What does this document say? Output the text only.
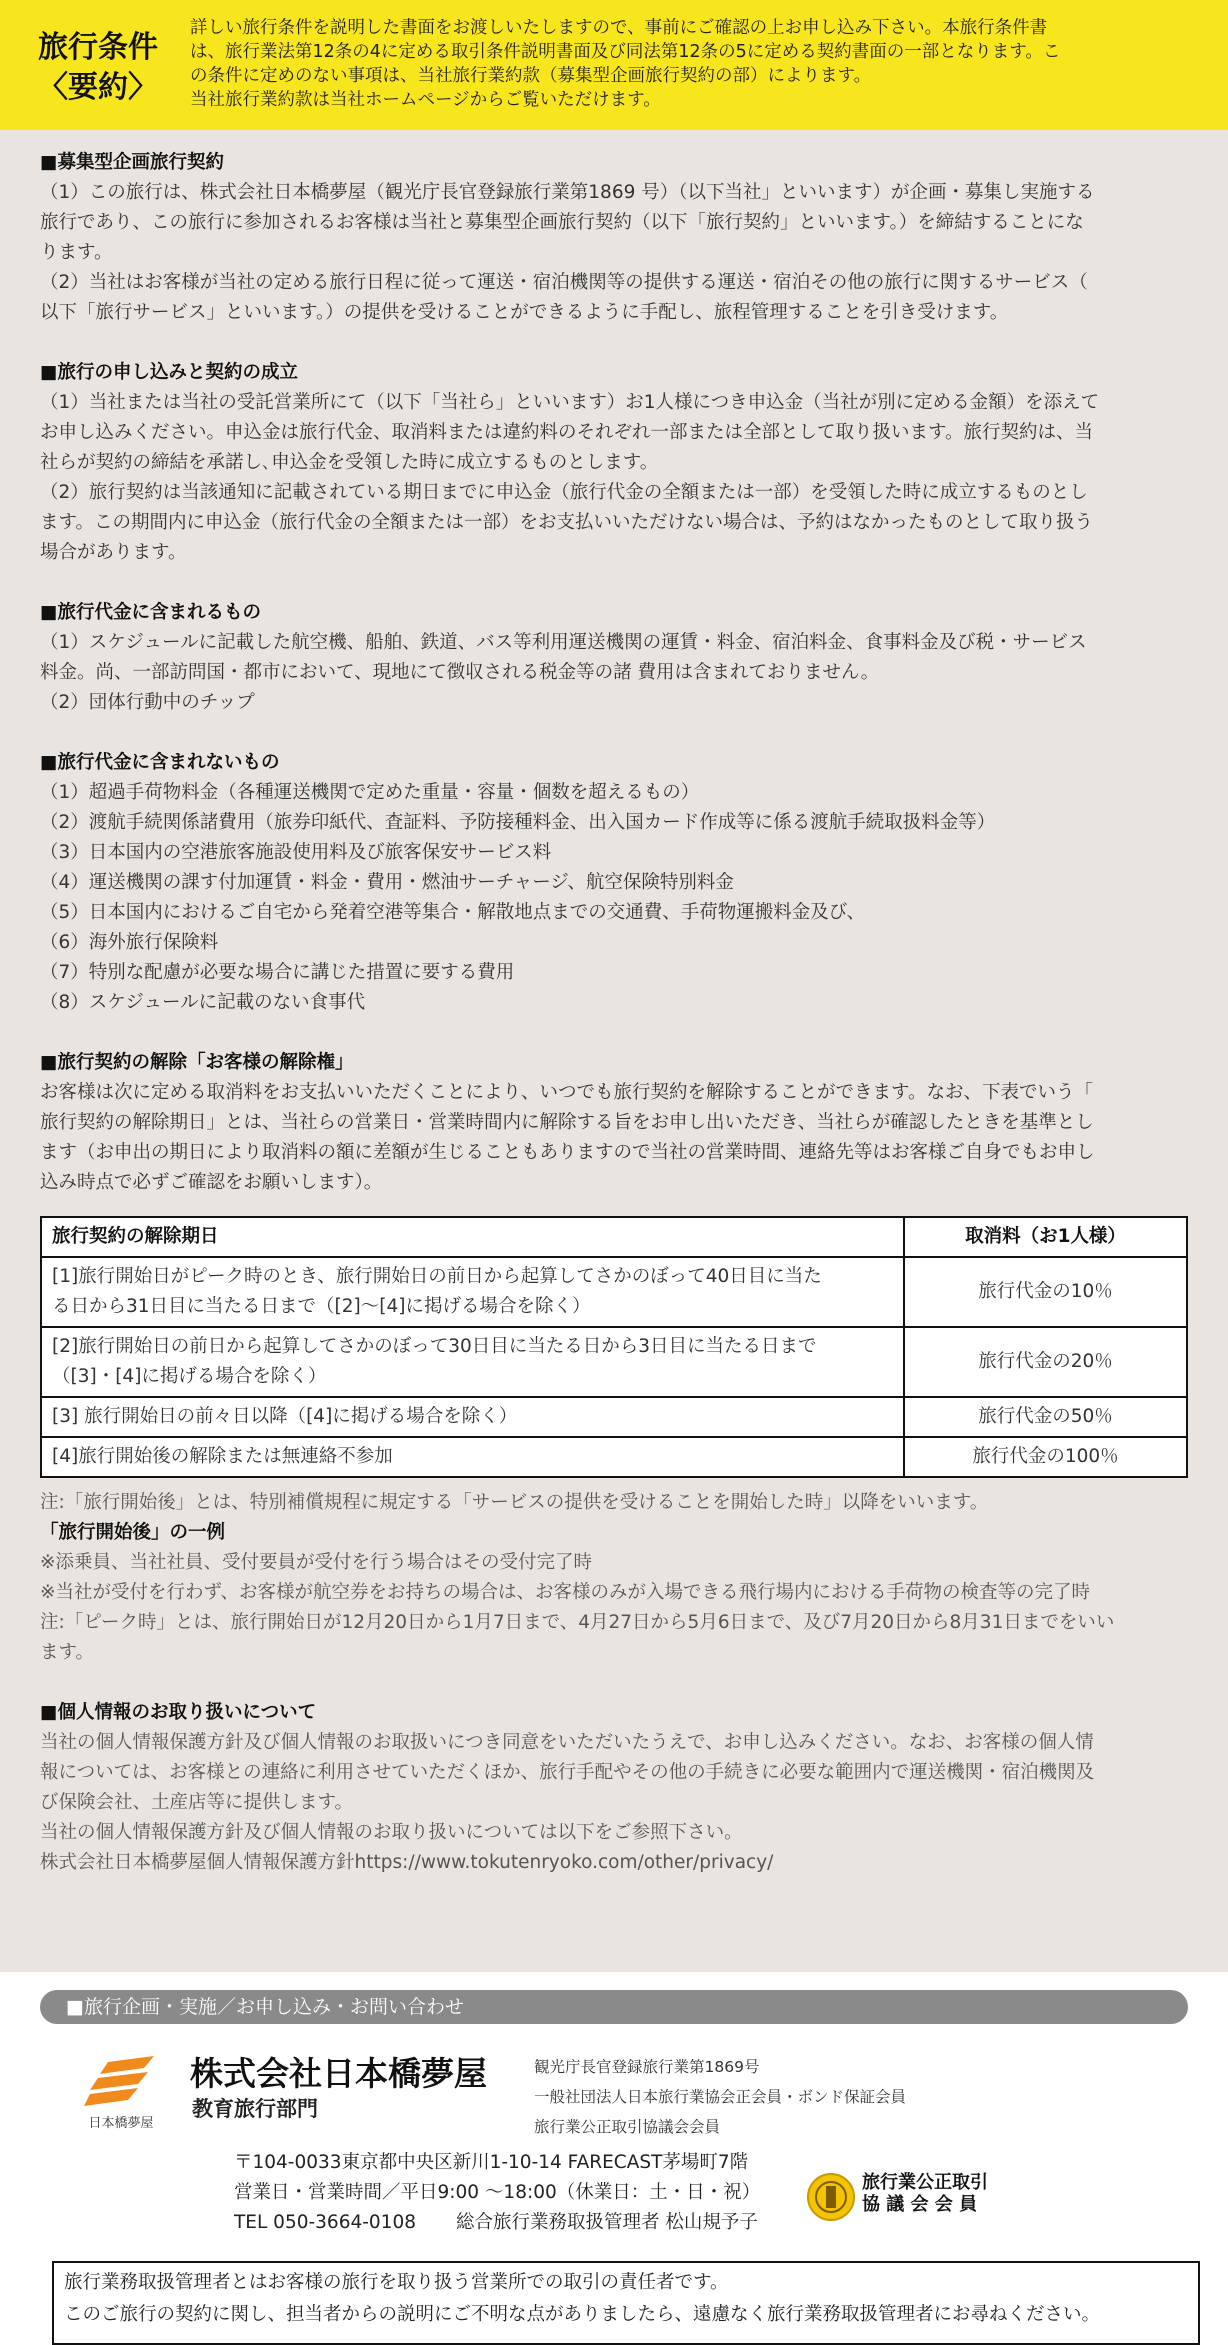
旅行条件
〈要約〉
詳しい旅行条件を説明した書面をお渡しいたしますので、事前にご確認の上お申し込み下さい。本旅行条件書
は、旅行業法第12条の4に定める取引条件説明書面及び同法第12条の5に定める契約書面の一部となります。こ
の条件に定めのない事項は、当社旅行業約款（募集型企画旅行契約の部）によります。
当社旅行業約款は当社ホームページからご覧いただけます。
■募集型企画旅行契約
（1）この旅行は、株式会社日本橋夢屋（観光庁長官登録旅行業第1869 号）（以下当社」といいます）が企画・募集し実施する
旅行であり、この旅行に参加されるお客様は当社と募集型企画旅行契約（以下「旅行契約」といいます。）を締結することにな
ります。
（2）当社はお客様が当社の定める旅行日程に従って運送・宿泊機関等の提供する運送・宿泊その他の旅行に関するサービス（
以下「旅行サービス」といいます。）の提供を受けることができるように手配し、旅程管理することを引き受けます。
■旅行の申し込みと契約の成立
（1）当社または当社の受託営業所にて（以下「当社ら」といいます）お1人様につき申込金（当社が別に定める金額）を添えて
お申し込みください。申込金は旅行代金、取消料または違約料のそれぞれ一部または全部として取り扱います。旅行契約は、当
社らが契約の締結を承諾し､申込金を受領した時に成立するものとします。
（2）旅行契約は当該通知に記載されている期日までに申込金（旅行代金の全額または一部）を受領した時に成立するものとし
ます。この期間内に申込金（旅行代金の全額または一部）をお支払いいただけない場合は、予約はなかったものとして取り扱う
場合があります。
■旅行代金に含まれるもの
（1）スケジュールに記載した航空機、船舶、鉄道、バス等利用運送機関の運賃・料金、宿泊料金、食事料金及び税・サービス
料金。尚、一部訪問国・都市において、現地にて徴収される税金等の諸 費用は含まれておりません。
（2）団体行動中のチップ
■旅行代金に含まれないもの
（1）超過手荷物料金（各種運送機関で定めた重量・容量・個数を超えるもの）
（2）渡航手続関係諸費用（旅券印紙代、査証料、予防接種料金、出入国カード作成等に係る渡航手続取扱料金等）
（3）日本国内の空港旅客施設使用料及び旅客保安サービス料
（4）運送機関の課す付加運賃・料金・費用・燃油サーチャージ、航空保険特別料金
（5）日本国内におけるご自宅から発着空港等集合・解散地点までの交通費、手荷物運搬料金及び、
（6）海外旅行保険料
（7）特別な配慮が必要な場合に講じた措置に要する費用
（8）スケジュールに記載のない食事代
■旅行契約の解除「お客様の解除権」
お客様は次に定める取消料をお支払いいただくことにより、いつでも旅行契約を解除することができます。なお、下表でいう「
旅行契約の解除期日」とは、当社らの営業日・営業時間内に解除する旨をお申し出いただき、当社らが確認したときを基準とし
ます（お申出の期日により取消料の額に差額が生じることもありますので当社の営業時間、連絡先等はお客様ご自身でもお申し
込み時点で必ずご確認をお願いします）。
旅行契約の解除期日	取消料（お1人様）

[1]旅行開始日がピーク時のとき、旅行開始日の前日から起算してさかのぼって40日目に当た
る日から31日目に当たる日まで（[2]〜[4]に掲げる場合を除く）	旅行代金の10％

[2]旅行開始日の前日から起算してさかのぼって30日目に当たる日から3日目に当たる日まで
（[3]・[4]に掲げる場合を除く）	旅行代金の20％

[3] 旅行開始日の前々日以降（[4]に掲げる場合を除く）	旅行代金の50％

[4]旅行開始後の解除または無連絡不参加	旅行代金の100％
注:「旅行開始後」とは、特別補償規程に規定する「サービスの提供を受けることを開始した時」以降をいいます。
「旅行開始後」の一例
※添乗員、当社社員、受付要員が受付を行う場合はその受付完了時
※当社が受付を行わず、お客様が航空券をお持ちの場合は、お客様のみが入場できる飛行場内における手荷物の検査等の完了時
注:「ピーク時」とは、旅行開始日が12月20日から1月7日まで、4月27日から5月6日まで、及び7月20日から8月31日までをいい
ます。
■個人情報のお取り扱いについて
当社の個人情報保護方針及び個人情報のお取扱いにつき同意をいただいたうえで、お申し込みください。なお、お客様の個人情
報については、お客様との連絡に利用させていただくほか、旅行手配やその他の手続きに必要な範囲内で運送機関・宿泊機関及
び保険会社、土産店等に提供します。
当社の個人情報保護方針及び個人情報のお取り扱いについては以下をご参照下さい。
株式会社日本橋夢屋個人情報保護方針https://www.tokutenryoko.com/other/privacy/
■旅行企画・実施／お申し込み・お問い合わせ
日本橋夢屋
株式会社日本橋夢屋
教育旅行部門
観光庁長官登録旅行業第1869号
一般社団法人日本旅行業協会正会員・ボンド保証会員
旅行業公正取引協議会会員
〒104-0033東京都中央区新川1-10-14 FARECAST茅場町7階
営業日・営業時間／平日9:00 〜18:00（休業日：土・日・祝）
TEL 050-3664-0108 総合旅行業務取扱管理者 松山規予子
旅行業公正取引
協 議 会 会 員
旅行業務取扱管理者とはお客様の旅行を取り扱う営業所での取引の責任者です。
このご旅行の契約に関し、担当者からの説明にご不明な点がありましたら、遠慮なく旅行業務取扱管理者にお尋ねください。
